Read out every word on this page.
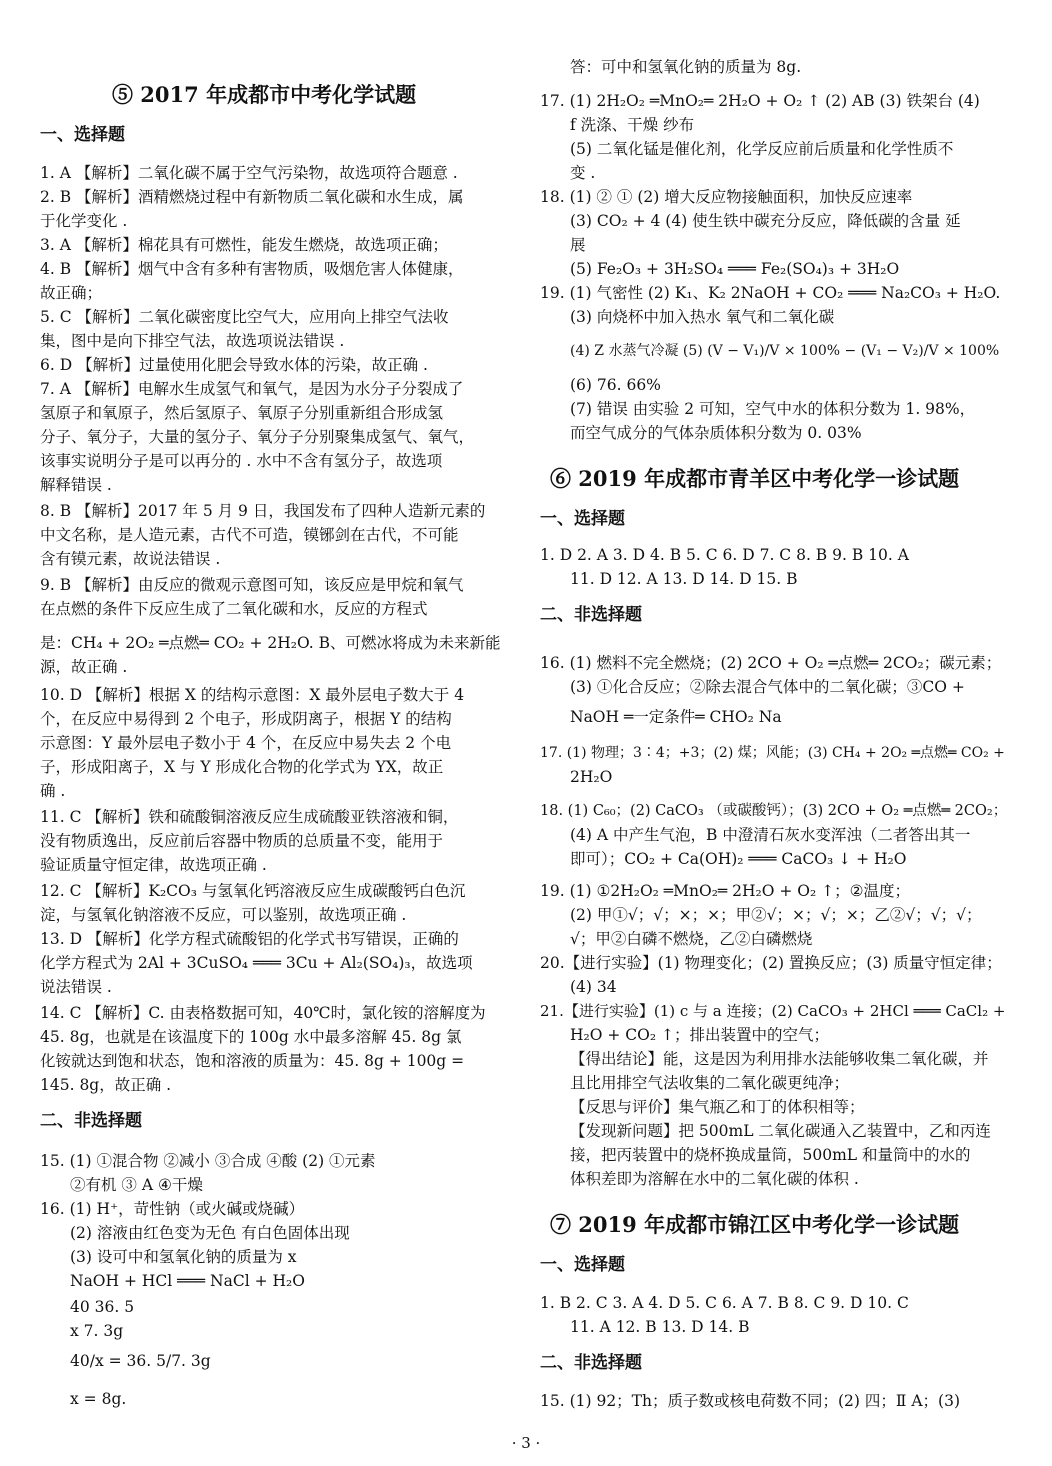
⑤ 2017 年成都市中考化学试题
一、选择题
1. A 【解析】二氧化碳不属于空气污染物，故选项符合题意 .
2. B 【解析】酒精燃烧过程中有新物质二氧化碳和水生成，属
于化学变化 .
3. A 【解析】棉花具有可燃性，能发生燃烧，故选项正确；
4. B 【解析】烟气中含有多种有害物质，吸烟危害人体健康，
故正确；
5. C 【解析】二氧化碳密度比空气大，应用向上排空气法收
集，图中是向下排空气法，故选项说法错误 .
6. D 【解析】过量使用化肥会导致水体的污染，故正确 .
7. A 【解析】电解水生成氢气和氧气，是因为水分子分裂成了
氢原子和氧原子，然后氢原子、氧原子分别重新组合形成氢
分子、氧分子，大量的氢分子、氧分子分别聚集成氢气、氧气，
该事实说明分子是可以再分的 . 水中不含有氢分子，故选项
解释错误 .
8. B 【解析】2017 年 5 月 9 日，我国发布了四种人造新元素的
中文名称，是人造元素，古代不可造，镆铘剑在古代，不可能
含有镆元素，故说法错误 .
9. B 【解析】由反应的微观示意图可知，该反应是甲烷和氧气
在点燃的条件下反应生成了二氧化碳和水，反应的方程式
是：CH₄ + 2O₂ ═点燃═ CO₂ + 2H₂O. B、可燃冰将成为未来新能
源，故正确 .
10. D 【解析】根据 X 的结构示意图：X 最外层电子数大于 4
个，在反应中易得到 2 个电子，形成阴离子，根据 Y 的结构
示意图：Y 最外层电子数小于 4 个，在反应中易失去 2 个电
子，形成阳离子，X 与 Y 形成化合物的化学式为 YX，故正
确 .
11. C 【解析】铁和硫酸铜溶液反应生成硫酸亚铁溶液和铜，
没有物质逸出，反应前后容器中物质的总质量不变，能用于
验证质量守恒定律，故选项正确 .
12. C 【解析】K₂CO₃ 与氢氧化钙溶液反应生成碳酸钙白色沉
淀，与氢氧化钠溶液不反应，可以鉴别，故选项正确 .
13. D 【解析】化学方程式硫酸铝的化学式书写错误，正确的
化学方程式为 2Al + 3CuSO₄ ═══ 3Cu + Al₂(SO₄)₃，故选项
说法错误 .
14. C 【解析】C. 由表格数据可知，40℃时，氯化铵的溶解度为
45. 8g，也就是在该温度下的 100g 水中最多溶解 45. 8g 氯
化铵就达到饱和状态，饱和溶液的质量为：45. 8g + 100g =
145. 8g，故正确 .
二、非选择题
15. (1) ①混合物 ②减小 ③合成 ④酸 (2) ①元素
②有机 ③ A ④干燥
16. (1) H⁺，苛性钠（或火碱或烧碱）
(2) 溶液由红色变为无色 有白色固体出现
(3) 设可中和氢氧化钠的质量为 x
NaOH + HCl ═══ NaCl + H₂O
40 36. 5
x 7. 3g
40/x = 36. 5/7. 3g
x = 8g.
答：可中和氢氧化钠的质量为 8g.
17. (1) 2H₂O₂ ═MnO₂═ 2H₂O + O₂ ↑ (2) AB (3) 铁架台 (4)
f 洗涤、干燥 纱布
(5) 二氧化锰是催化剂，化学反应前后质量和化学性质不
变 .
18. (1) ② ① (2) 增大反应物接触面积，加快反应速率
(3) CO₂ + 4 (4) 使生铁中碳充分反应，降低碳的含量 延
展
(5) Fe₂O₃ + 3H₂SO₄ ═══ Fe₂(SO₄)₃ + 3H₂O
19. (1) 气密性 (2) K₁、K₂ 2NaOH + CO₂ ═══ Na₂CO₃ + H₂O.
(3) 向烧杯中加入热水 氧气和二氧化碳
(4) Z 水蒸气冷凝 (5) (V − V₁)/V × 100% − (V₁ − V₂)/V × 100%
(6) 76. 66%
(7) 错误 由实验 2 可知，空气中水的体积分数为 1. 98%，
而空气成分的气体杂质体积分数为 0. 03%
⑥ 2019 年成都市青羊区中考化学一诊试题
一、选择题
1. D 2. A 3. D 4. B 5. C 6. D 7. C 8. B 9. B 10. A
11. D 12. A 13. D 14. D 15. B
二、非选择题
16. (1) 燃料不完全燃烧；(2) 2CO + O₂ ═点燃═ 2CO₂；碳元素；
(3) ①化合反应；②除去混合气体中的二氧化碳；③CO +
NaOH ═一定条件═ CHO₂ Na
17. (1) 物理；3∶4；+3；(2) 煤；风能；(3) CH₄ + 2O₂ ═点燃═ CO₂ +
2H₂O
18. (1) C₆₀；(2) CaCO₃ （或碳酸钙）；(3) 2CO + O₂ ═点燃═ 2CO₂；
(4) A 中产生气泡，B 中澄清石灰水变浑浊（二者答出其一
即可）；CO₂ + Ca(OH)₂ ═══ CaCO₃ ↓ + H₂O
19. (1) ①2H₂O₂ ═MnO₂═ 2H₂O + O₂ ↑；②温度；
(2) 甲①√；√；×；×；甲②√；×；√；×；乙②√；√；√；
√；甲②白磷不燃烧，乙②白磷燃烧
20.【进行实验】(1) 物理变化；(2) 置换反应；(3) 质量守恒定律；
(4) 34
21.【进行实验】(1) c 与 a 连接；(2) CaCO₃ + 2HCl ═══ CaCl₂ +
H₂O + CO₂ ↑；排出装置中的空气；
【得出结论】能，这是因为利用排水法能够收集二氧化碳，并
且比用排空气法收集的二氧化碳更纯净；
【反思与评价】集气瓶乙和丁的体积相等；
【发现新问题】把 500mL 二氧化碳通入乙装置中，乙和丙连
接，把丙装置中的烧杯换成量筒，500mL 和量筒中的水的
体积差即为溶解在水中的二氧化碳的体积 .
⑦ 2019 年成都市锦江区中考化学一诊试题
一、选择题
1. B 2. C 3. A 4. D 5. C 6. A 7. B 8. C 9. D 10. C
11. A 12. B 13. D 14. B
二、非选择题
15. (1) 92；Th；质子数或核电荷数不同；(2) 四；Ⅱ A；(3)
· 3 ·
